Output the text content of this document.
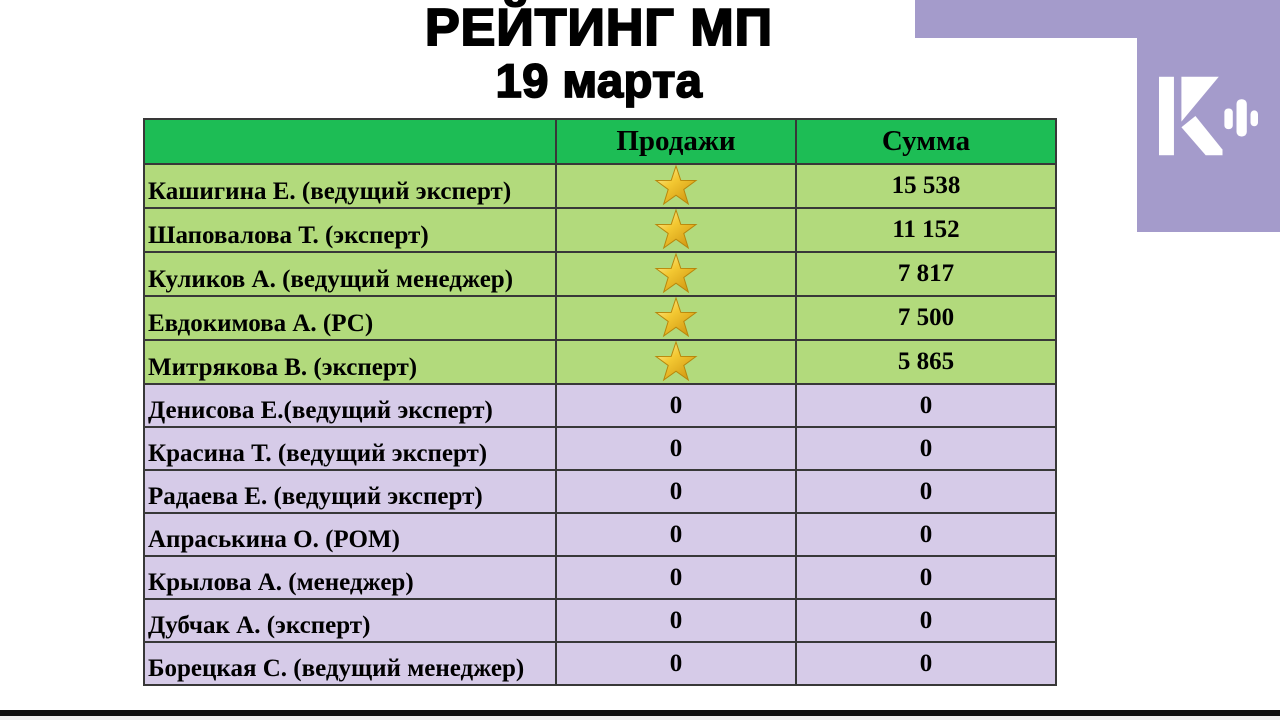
РЕЙТИНГ МП
19 марта
	Продажи	Сумма
Кашигина Е. (ведущий эксперт)		15 538
Шаповалова Т. (эксперт)		11 152
Куликов А. (ведущий менеджер)		7 817
Евдокимова А. (РС)		7 500
Митрякова В. (эксперт)		5 865
Денисова Е.(ведущий эксперт)	0	0
Красина Т. (ведущий эксперт)	0	0
Радаева Е. (ведущий эксперт)	0	0
Апраськина О. (РОМ)	0	0
Крылова А. (менеджер)	0	0
Дубчак А. (эксперт)	0	0
Борецкая С. (ведущий менеджер)	0	0
